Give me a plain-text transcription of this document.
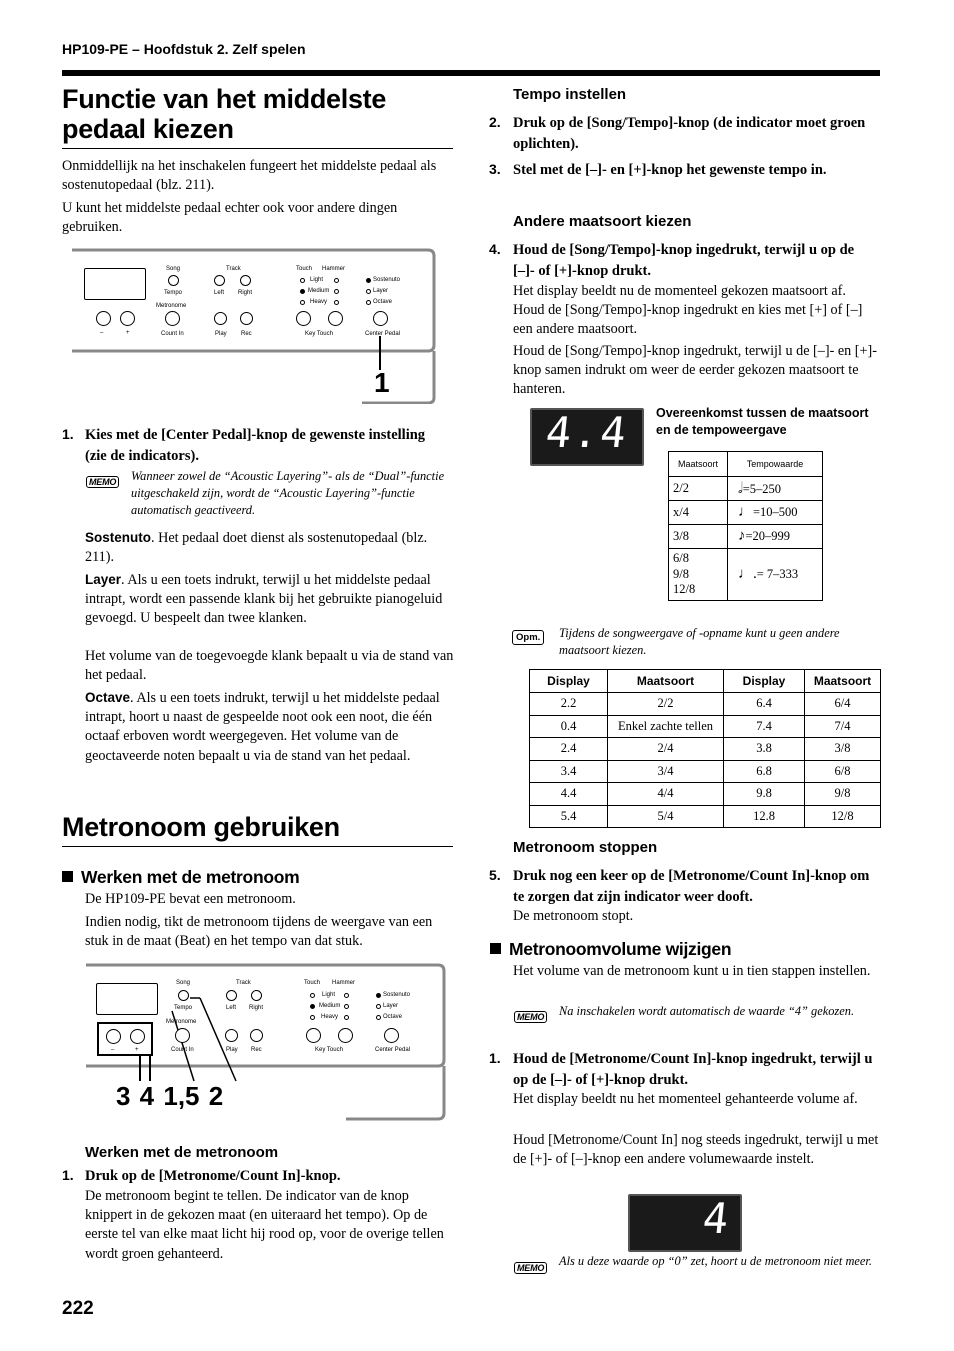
HP109-PE – Hoofdstuk 2. Zelf spelen
Functie van het middelste
pedaal kiezen

Onmiddellijk na het inschakelen fungeert het middelste pedaal als sostenutopedaal (blz. 211).

U kunt het middelste pedaal echter ook voor andere dingen gebruiken.

Song
Tempo
Track
Left Right
Touch Hammer
Light
Medium
Heavy
Sostenuto
Layer
Octave
Metronome
–	+	Count In	Play Rec	Key Touch	Center Pedal
1
1. Kies met de [Center Pedal]-knop de gewenste instelling (zie de indicators).

MEMO Wanneer zowel de “Acoustic Layering”- als de “Dual”-functie uitgeschakeld zijn, wordt de “Acoustic Layering”-functie automatisch geactiveerd.

Sostenuto. Het pedaal doet dienst als sostenutopedaal (blz. 211).

Layer. Als u een toets indrukt, terwijl u het middelste pedaal intrapt, wordt een passende klank bij het gebruikte pianogeluid gevoegd. U bespeelt dan twee klanken.

Het volume van de toegevoegde klank bepaalt u via de stand van het pedaal.

Octave. Als u een toets indrukt, terwijl u het middelste pedaal intrapt, hoort u naast de gespeelde noot ook een noot, die één octaaf erboven wordt weergegeven. Het volume van de geoctaveerde noten bepaalt u via de stand van het pedaal.

Metronoom gebruiken
Werken met de metronoom

De HP109-PE bevat een metronoom.

Indien nodig, tikt de metronoom tijdens de weergave van een stuk in de maat (Beat) en het tempo van dat stuk.

Song
Tempo
Track
Left Right
Touch Hammer
Light
Medium
Heavy
Sostenuto
Layer
Octave
Metronome
–	+	Count In	Play Rec	Key Touch	Center Pedal
3 4 1,5 2
Werken met de metronoom
1. Druk op de [Metronome/Count In]-knop.

De metronoom begint te tellen. De indicator van de knop knippert in de gekozen maat (en uiteraard het tempo). Op de eerste tel van elke maat licht hij rood op, voor de overige tellen wordt groen gehanteerd.

222
Tempo instellen
2. Druk op de [Song/Tempo]-knop (de indicator moet groen oplichten).

3. Stel met de [–]- en [+]-knop het gewenste tempo in.

Andere maatsoort kiezen
4. Houd de [Song/Tempo]-knop ingedrukt, terwijl u op de [–]- of [+]-knop drukt.

Het display beeldt nu de momenteel gekozen maatsoort af. Houd de [Song/Tempo]-knop ingedrukt en kies met [+] of [–] een andere maatsoort.

Houd de [Song/Tempo]-knop ingedrukt, terwijl u de [–]- en [+]-knop samen indrukt om weer de eerder gekozen maatsoort te hanteren.

4.4 Overeenkomst tussen de maatsoort en de tempoweergave

Maatsoort	Tempowaarde
2/2	𝅗𝅥=5–250
x/4	♩=10–500
3/8	♪=20–999
6/8
9/8
12/8	♩.= 7–333
Opm.	Tijdens de songweergave of -opname kunt u geen andere maatsoort kiezen.

Display	Maatsoort	Display	Maatsoort
2.2	2/2	6.4	6/4
0.4	Enkel zachte tellen	7.4	7/4
2.4	2/4	3.8	3/8
3.4	3/4	6.8	6/8
4.4	4/4	9.8	9/8
5.4	5/4	12.8	12/8
Metronoom stoppen
5. Druk nog een keer op de [Metronome/Count In]-knop om te zorgen dat zijn indicator weer dooft.

De metronoom stopt.

Metronoomvolume wijzigen

Het volume van de metronoom kunt u in tien stappen instellen.

MEMO Na inschakelen wordt automatisch de waarde “4” gekozen.

1. Houd de [Metronome/Count In]-knop ingedrukt, terwijl u op de [–]- of [+]-knop drukt.

Het display beeldt nu het momenteel gehanteerde volume af.

Houd [Metronome/Count In] nog steeds ingedrukt, terwijl u met de [+]- of [–]-knop een andere volumewaarde instelt.

4
MEMO Als u deze waarde op “0” zet, hoort u de metronoom niet meer.
